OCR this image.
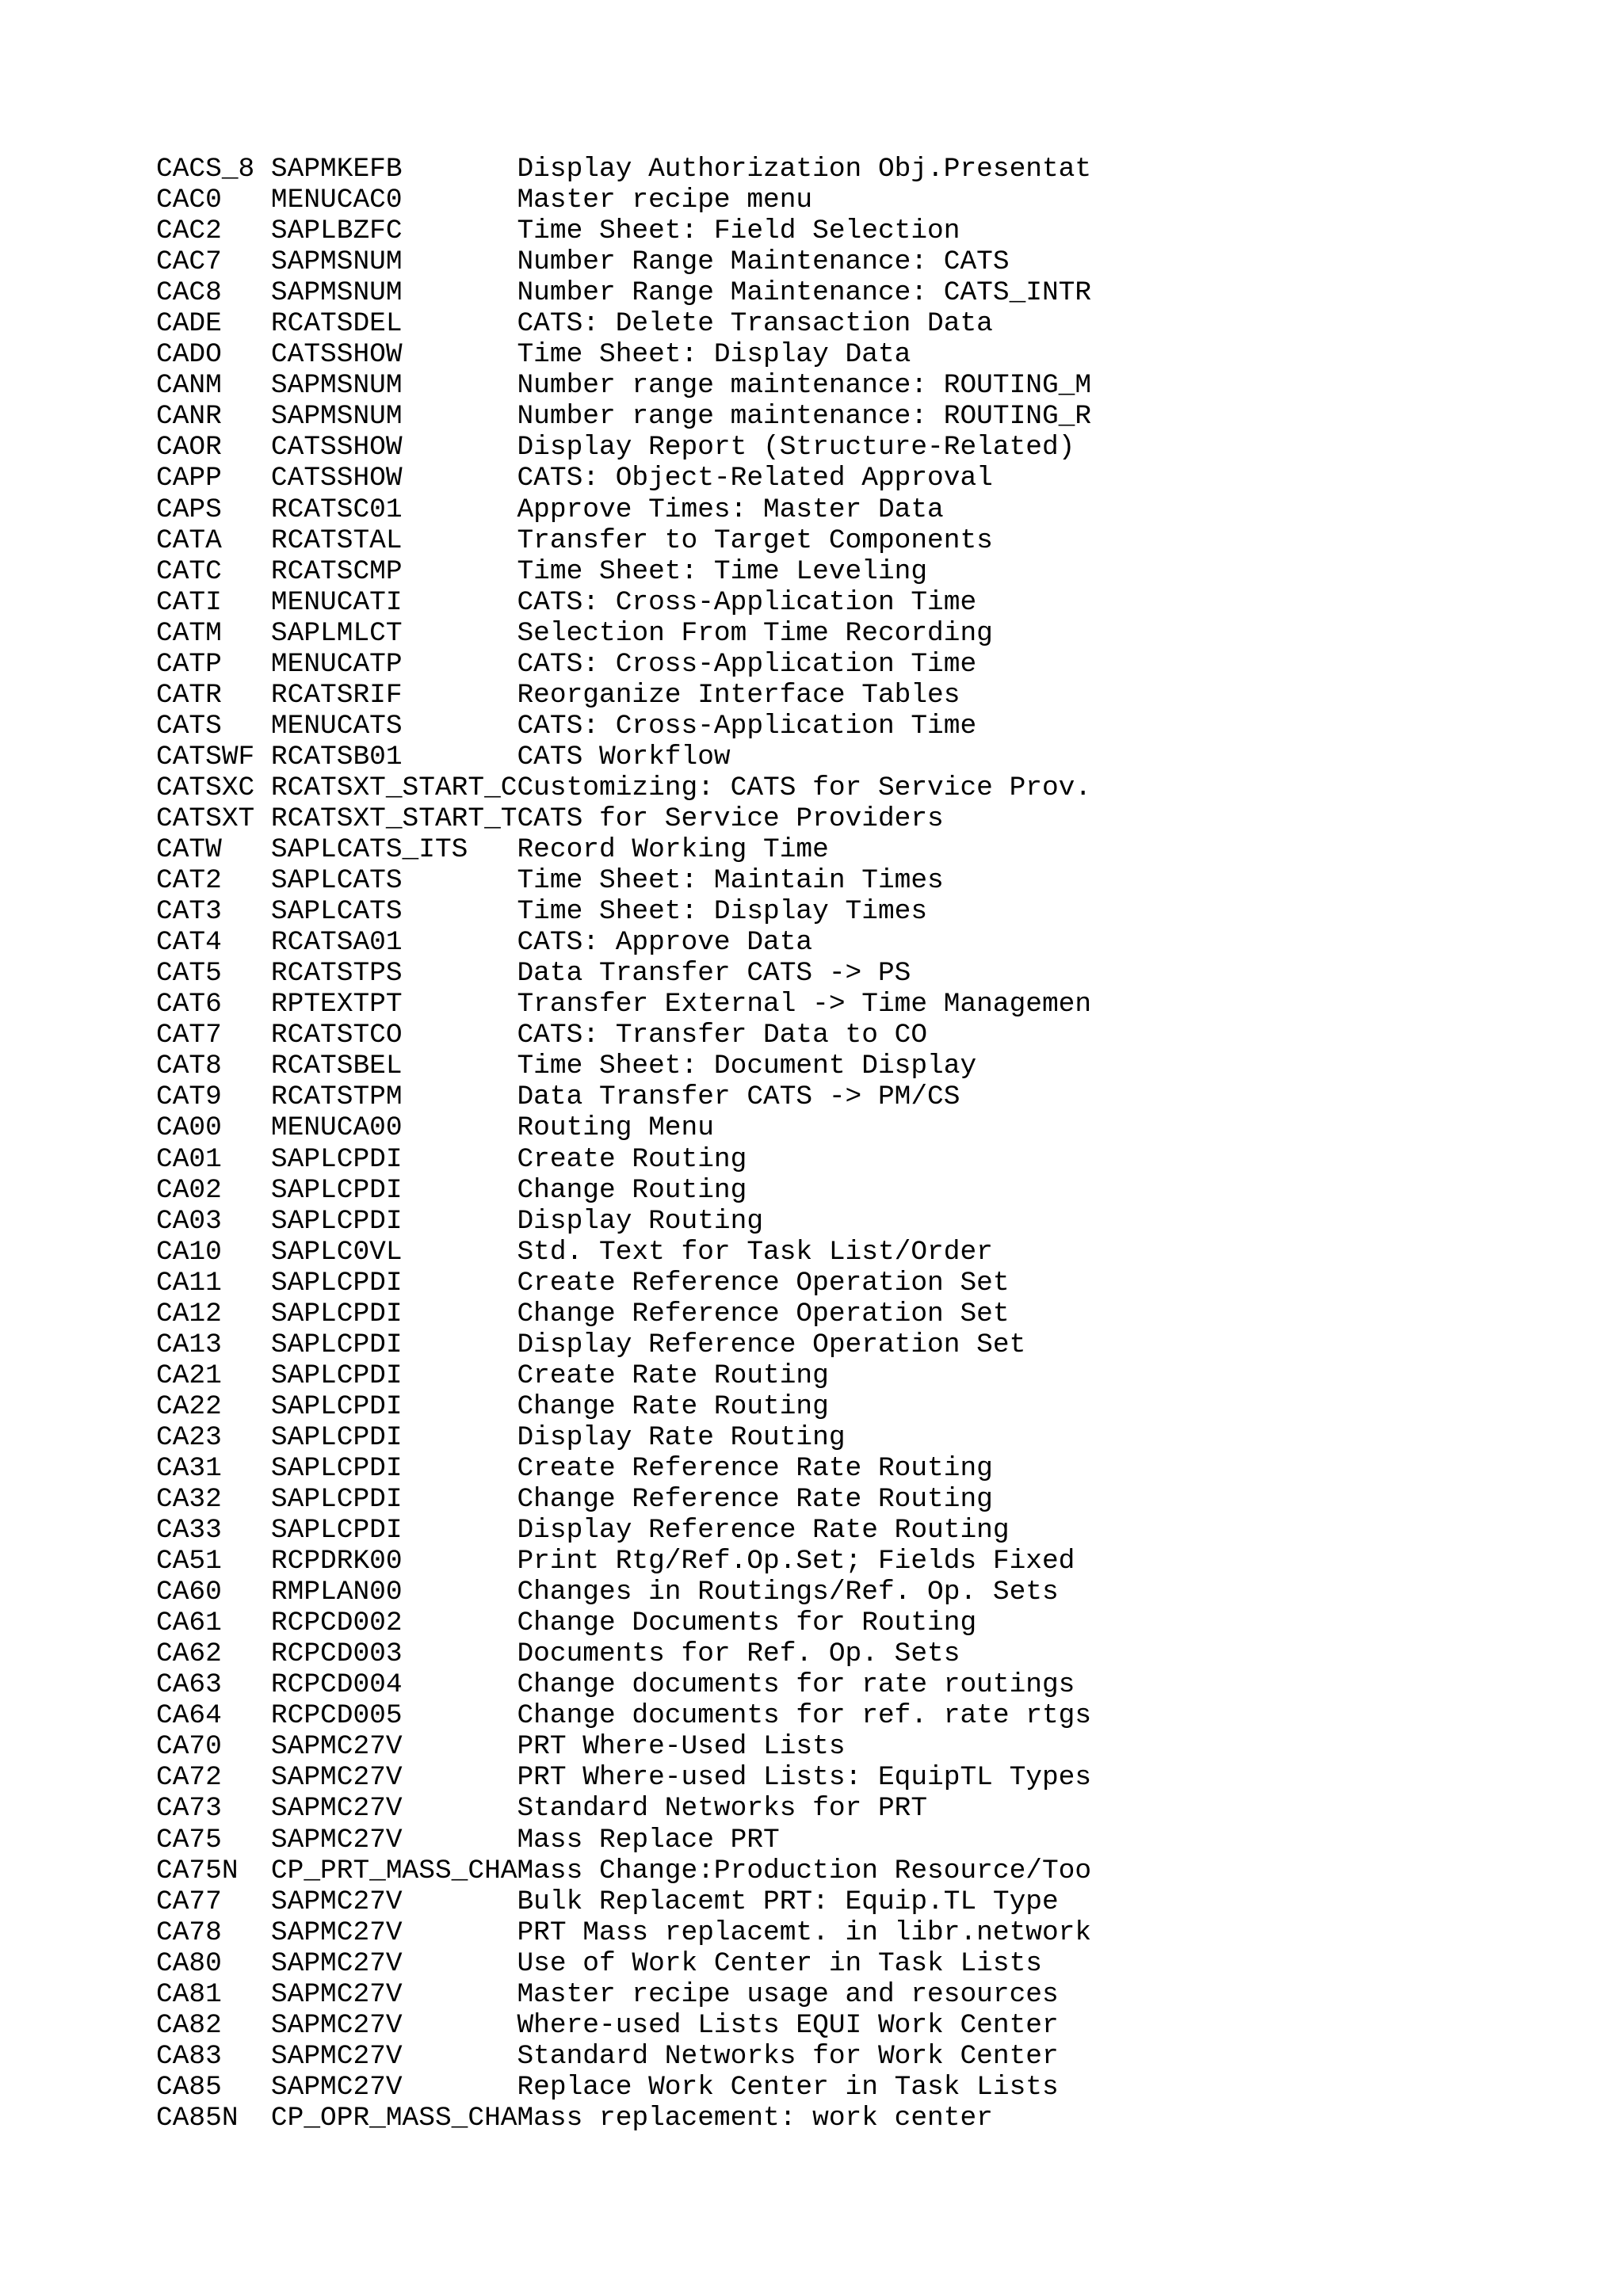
CACS_8 SAPMKEFB       Display Authorization Obj.Presentat
CAC0   MENUCAC0       Master recipe menu
CAC2   SAPLBZFC       Time Sheet: Field Selection
CAC7   SAPMSNUM       Number Range Maintenance: CATS
CAC8   SAPMSNUM       Number Range Maintenance: CATS_INTR
CADE   RCATSDEL       CATS: Delete Transaction Data
CADO   CATSSHOW       Time Sheet: Display Data
CANM   SAPMSNUM       Number range maintenance: ROUTING_M
CANR   SAPMSNUM       Number range maintenance: ROUTING_R
CAOR   CATSSHOW       Display Report (Structure-Related)
CAPP   CATSSHOW       CATS: Object-Related Approval
CAPS   RCATSC01       Approve Times: Master Data
CATA   RCATSTAL       Transfer to Target Components
CATC   RCATSCMP       Time Sheet: Time Leveling
CATI   MENUCATI       CATS: Cross-Application Time
CATM   SAPLMLCT       Selection From Time Recording
CATP   MENUCATP       CATS: Cross-Application Time
CATR   RCATSRIF       Reorganize Interface Tables
CATS   MENUCATS       CATS: Cross-Application Time
CATSWF RCATSB01       CATS Workflow
CATSXC RCATSXT_START_CCustomizing: CATS for Service Prov.
CATSXT RCATSXT_START_TCATS for Service Providers
CATW   SAPLCATS_ITS   Record Working Time
CAT2   SAPLCATS       Time Sheet: Maintain Times
CAT3   SAPLCATS       Time Sheet: Display Times
CAT4   RCATSA01       CATS: Approve Data
CAT5   RCATSTPS       Data Transfer CATS -> PS
CAT6   RPTEXTPT       Transfer External -> Time Managemen
CAT7   RCATSTCO       CATS: Transfer Data to CO
CAT8   RCATSBEL       Time Sheet: Document Display
CAT9   RCATSTPM       Data Transfer CATS -> PM/CS
CA00   MENUCA00       Routing Menu
CA01   SAPLCPDI       Create Routing
CA02   SAPLCPDI       Change Routing
CA03   SAPLCPDI       Display Routing
CA10   SAPLC0VL       Std. Text for Task List/Order
CA11   SAPLCPDI       Create Reference Operation Set
CA12   SAPLCPDI       Change Reference Operation Set
CA13   SAPLCPDI       Display Reference Operation Set
CA21   SAPLCPDI       Create Rate Routing
CA22   SAPLCPDI       Change Rate Routing
CA23   SAPLCPDI       Display Rate Routing
CA31   SAPLCPDI       Create Reference Rate Routing
CA32   SAPLCPDI       Change Reference Rate Routing
CA33   SAPLCPDI       Display Reference Rate Routing
CA51   RCPDRK00       Print Rtg/Ref.Op.Set; Fields Fixed
CA60   RMPLAN00       Changes in Routings/Ref. Op. Sets
CA61   RCPCD002       Change Documents for Routing
CA62   RCPCD003       Documents for Ref. Op. Sets
CA63   RCPCD004       Change documents for rate routings
CA64   RCPCD005       Change documents for ref. rate rtgs
CA70   SAPMC27V       PRT Where-Used Lists
CA72   SAPMC27V       PRT Where-used Lists: EquipTL Types
CA73   SAPMC27V       Standard Networks for PRT
CA75   SAPMC27V       Mass Replace PRT
CA75N  CP_PRT_MASS_CHAMass Change:Production Resource/Too
CA77   SAPMC27V       Bulk Replacemt PRT: Equip.TL Type
CA78   SAPMC27V       PRT Mass replacemt. in libr.network
CA80   SAPMC27V       Use of Work Center in Task Lists
CA81   SAPMC27V       Master recipe usage and resources
CA82   SAPMC27V       Where-used Lists EQUI Work Center
CA83   SAPMC27V       Standard Networks for Work Center
CA85   SAPMC27V       Replace Work Center in Task Lists
CA85N  CP_OPR_MASS_CHAMass replacement: work center
